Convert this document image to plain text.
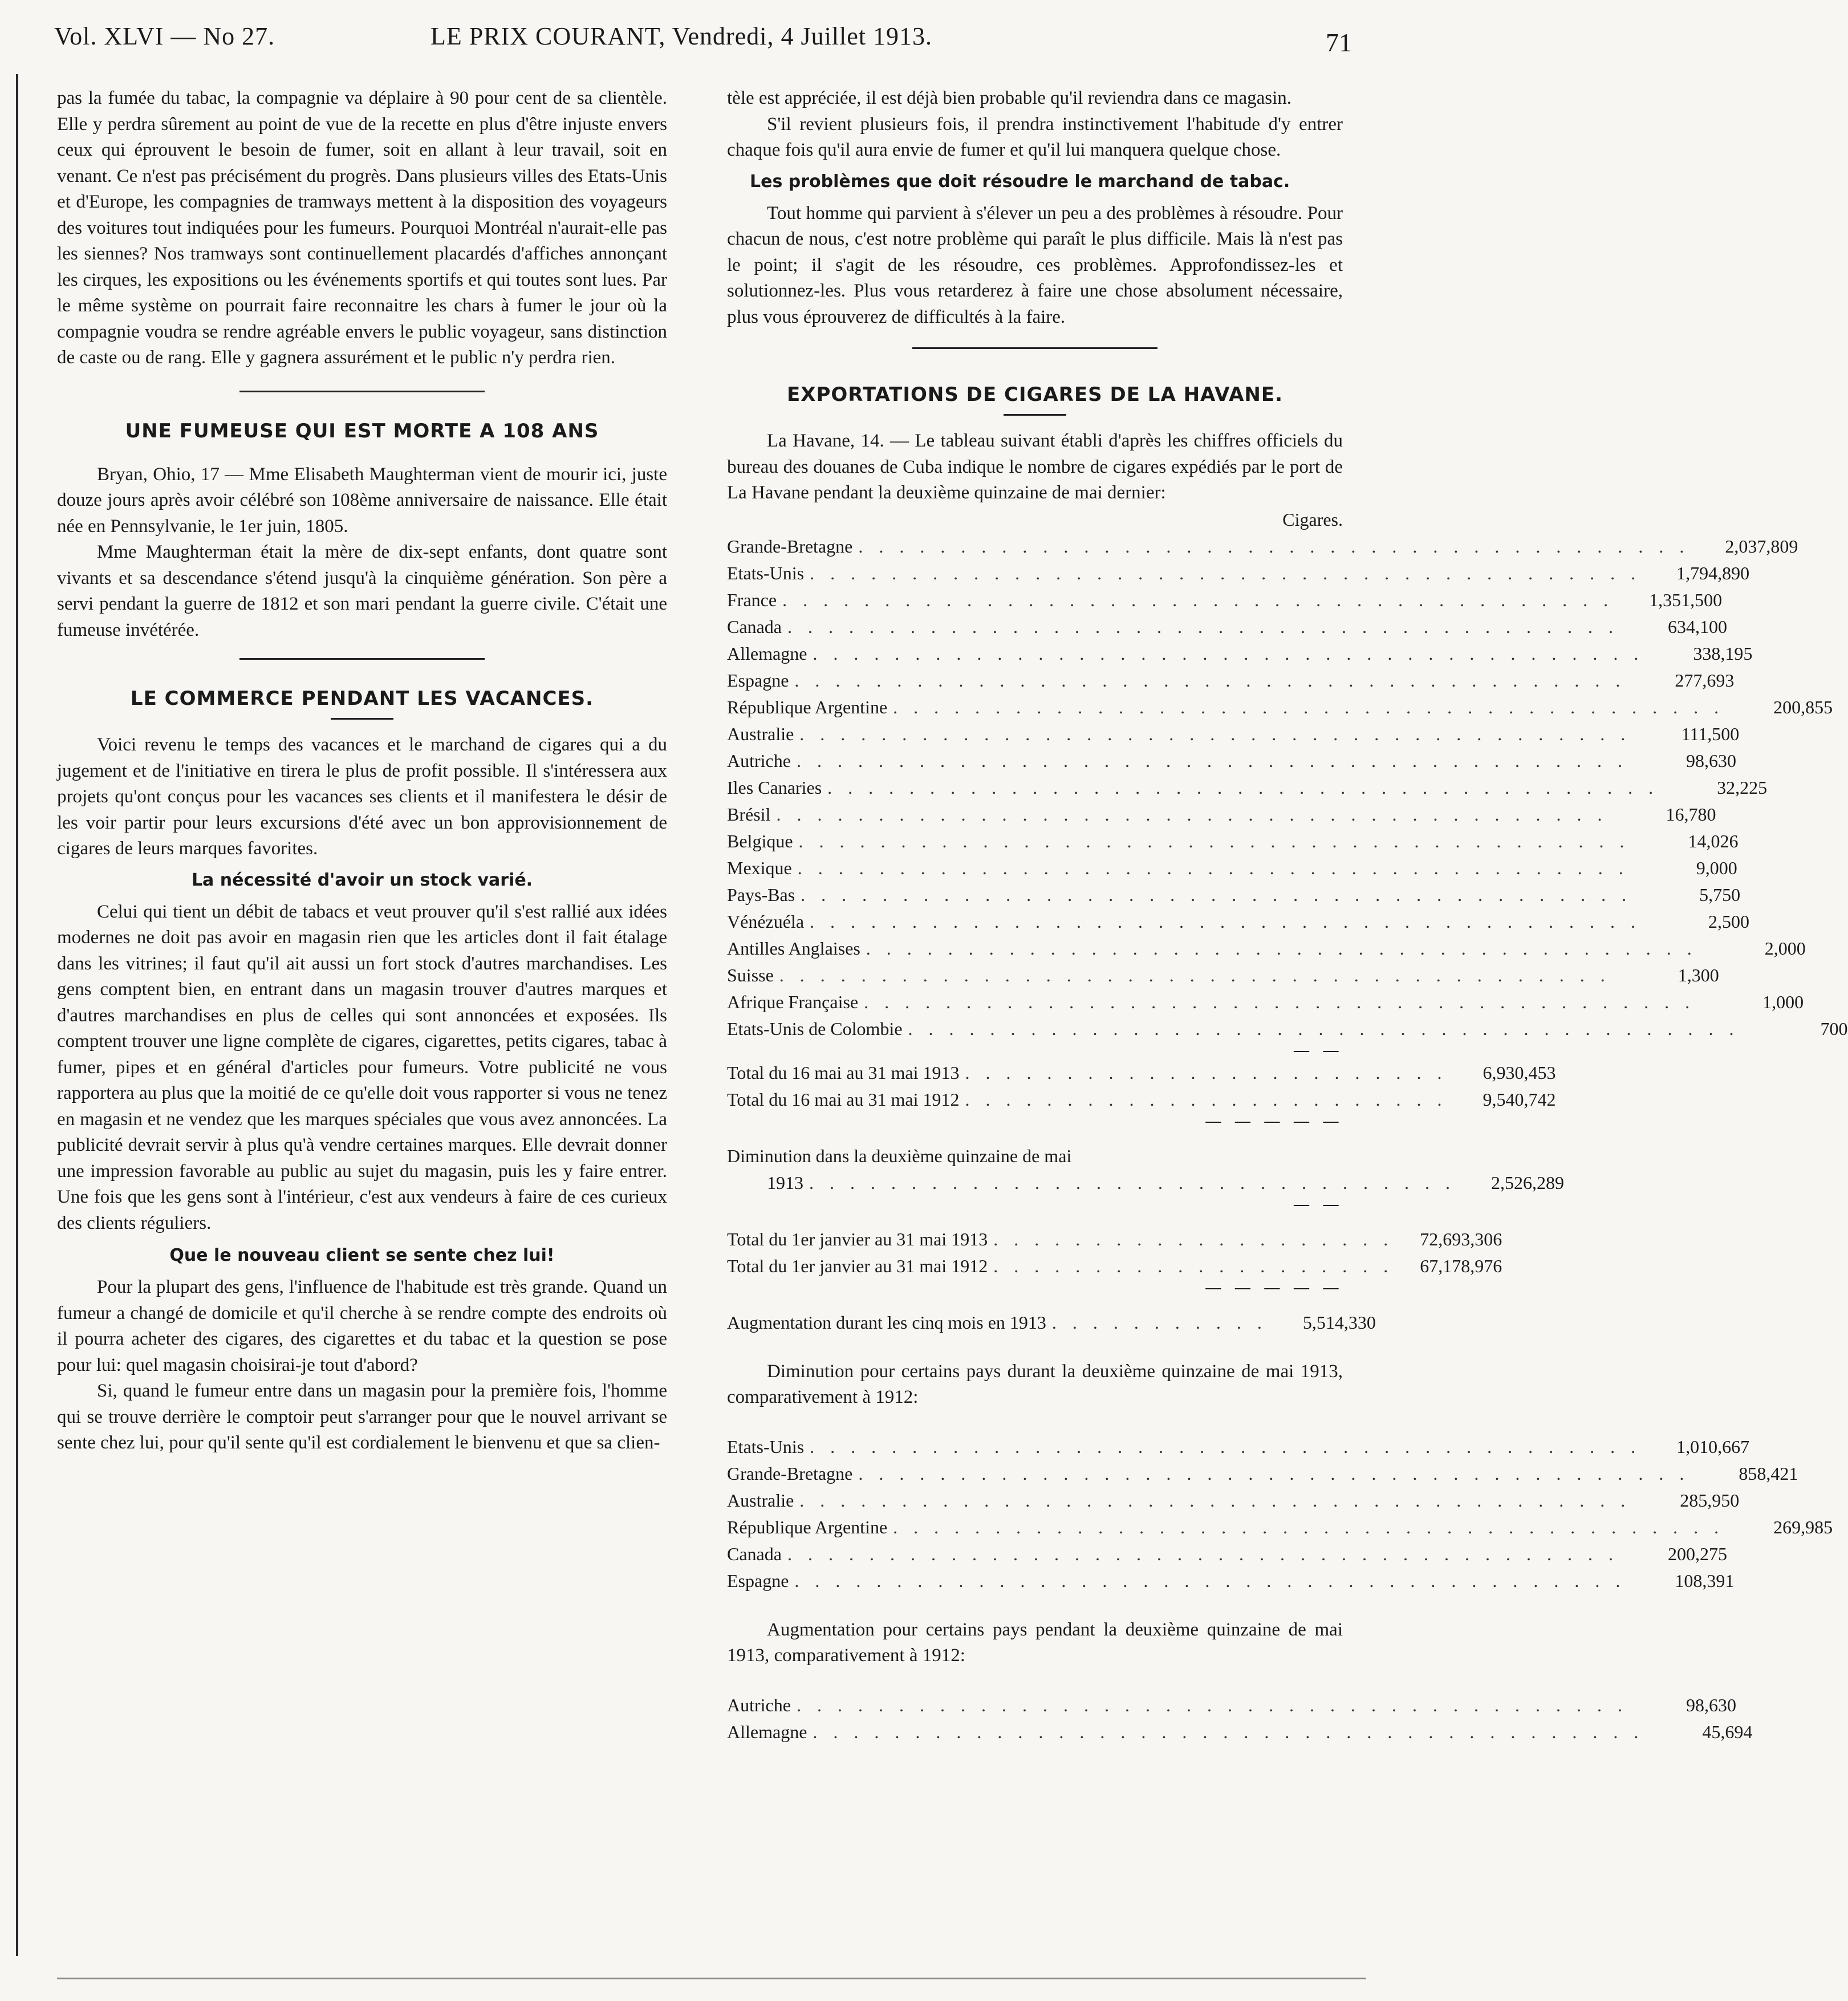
Vol. XLVI — No 27.	LE PRIX COURANT, Vendredi, 4 Juillet 1913.	71

pas la fumée du tabac, la compagnie va déplaire à 90 pour cent de sa clientèle. Elle y perdra sûrement au point de vue de la recette en plus d'être injuste envers ceux qui éprouvent le besoin de fumer, soit en allant à leur travail, soit en venant. Ce n'est pas précisément du progrès. Dans plusieurs villes des Etats-Unis et d'Europe, les compagnies de tramways mettent à la disposition des voyageurs des voitures tout indiquées pour les fumeurs. Pourquoi Montréal n'aurait-elle pas les siennes? Nos tramways sont continuellement placardés d'affiches annonçant les cirques, les expositions ou les événements sportifs et qui toutes sont lues. Par le même système on pourrait faire reconnaitre les chars à fumer le jour où la compagnie voudra se rendre agréable envers le public voyageur, sans distinction de caste ou de rang. Elle y gagnera assurément et le public n'y perdra rien.

UNE FUMEUSE QUI EST MORTE A 108 ANS

Bryan, Ohio, 17 — Mme Elisabeth Maughterman vient de mourir ici, juste douze jours après avoir célébré son 108ème anniversaire de naissance. Elle était née en Pennsylvanie, le 1er juin, 1805.

Mme Maughterman était la mère de dix-sept enfants, dont quatre sont vivants et sa descendance s'étend jusqu'à la cinquième génération. Son père a servi pendant la guerre de 1812 et son mari pendant la guerre civile. C'était une fumeuse invétérée.

LE COMMERCE PENDANT LES VACANCES.

Voici revenu le temps des vacances et le marchand de cigares qui a du jugement et de l'initiative en tirera le plus de profit possible. Il s'intéressera aux projets qu'ont conçus pour les vacances ses clients et il manifestera le désir de les voir partir pour leurs excursions d'été avec un bon approvisionnement de cigares de leurs marques favorites.

La nécessité d'avoir un stock varié.

Celui qui tient un débit de tabacs et veut prouver qu'il s'est rallié aux idées modernes ne doit pas avoir en magasin rien que les articles dont il fait étalage dans les vitrines; il faut qu'il ait aussi un fort stock d'autres marchandises. Les gens comptent bien, en entrant dans un magasin trouver d'autres marques et d'autres marchandises en plus de celles qui sont annoncées et exposées. Ils comptent trouver une ligne complète de cigares, cigarettes, petits cigares, tabac à fumer, pipes et en général d'articles pour fumeurs. Votre publicité ne vous rapportera au plus que la moitié de ce qu'elle doit vous rapporter si vous ne tenez en magasin et ne vendez que les marques spéciales que vous avez annoncées. La publicité devrait servir à plus qu'à vendre certaines marques. Elle devrait donner une impression favorable au public au sujet du magasin, puis les y faire entrer. Une fois que les gens sont à l'intérieur, c'est aux vendeurs à faire de ces curieux des clients réguliers.

Que le nouveau client se sente chez lui!

Pour la plupart des gens, l'influence de l'habitude est très grande. Quand un fumeur a changé de domicile et qu'il cherche à se rendre compte des endroits où il pourra acheter des cigares, des cigarettes et du tabac et la question se pose pour lui: quel magasin choisirai-je tout d'abord?

Si, quand le fumeur entre dans un magasin pour la première fois, l'homme qui se trouve derrière le comptoir peut s'arranger pour que le nouvel arrivant se sente chez lui, pour qu'il sente qu'il est cordialement le bienvenu et que sa clien-

tèle est appréciée, il est déjà bien probable qu'il reviendra dans ce magasin.

S'il revient plusieurs fois, il prendra instinctivement l'habitude d'y entrer chaque fois qu'il aura envie de fumer et qu'il lui manquera quelque chose.

Les problèmes que doit résoudre le marchand de tabac.

Tout homme qui parvient à s'élever un peu a des problèmes à résoudre. Pour chacun de nous, c'est notre problème qui paraît le plus difficile. Mais là n'est pas le point; il s'agit de les résoudre, ces problèmes. Approfondissez-les et solutionnez-les. Plus vous retarderez à faire une chose absolument nécessaire, plus vous éprouverez de difficultés à la faire.

EXPORTATIONS DE CIGARES DE LA HAVANE.

La Havane, 14. — Le tableau suivant établi d'après les chiffres officiels du bureau des douanes de Cuba indique le nombre de cigares expédiés par le port de La Havane pendant la deuxième quinzaine de mai dernier:

Cigares.
Grande-Bretagne . . . . . . . . . . . . . . . . . . . . . . . . . . . . . . . . . . . . . . . . .	2,037,809
Etats-Unis . . . . . . . . . . . . . . . . . . . . . . . . . . . . . . . . . . . . . . . . .	1,794,890
France . . . . . . . . . . . . . . . . . . . . . . . . . . . . . . . . . . . . . . . . .	1,351,500
Canada . . . . . . . . . . . . . . . . . . . . . . . . . . . . . . . . . . . . . . . . .	634,100
Allemagne . . . . . . . . . . . . . . . . . . . . . . . . . . . . . . . . . . . . . . . . .	338,195
Espagne . . . . . . . . . . . . . . . . . . . . . . . . . . . . . . . . . . . . . . . . .	277,693
République Argentine . . . . . . . . . . . . . . . . . . . . . . . . . . . . . . . . . . . . . . . . .	200,855
Australie . . . . . . . . . . . . . . . . . . . . . . . . . . . . . . . . . . . . . . . . .	111,500
Autriche . . . . . . . . . . . . . . . . . . . . . . . . . . . . . . . . . . . . . . . . .	98,630
Iles Canaries . . . . . . . . . . . . . . . . . . . . . . . . . . . . . . . . . . . . . . . . .	32,225
Brésil . . . . . . . . . . . . . . . . . . . . . . . . . . . . . . . . . . . . . . . . .	16,780
Belgique . . . . . . . . . . . . . . . . . . . . . . . . . . . . . . . . . . . . . . . . .	14,026
Mexique . . . . . . . . . . . . . . . . . . . . . . . . . . . . . . . . . . . . . . . . .	9,000
Pays-Bas . . . . . . . . . . . . . . . . . . . . . . . . . . . . . . . . . . . . . . . . .	5,750
Vénézuéla . . . . . . . . . . . . . . . . . . . . . . . . . . . . . . . . . . . . . . . . .	2,500
Antilles Anglaises . . . . . . . . . . . . . . . . . . . . . . . . . . . . . . . . . . . . . . . . .	2,000
Suisse . . . . . . . . . . . . . . . . . . . . . . . . . . . . . . . . . . . . . . . . .	1,300
Afrique Française . . . . . . . . . . . . . . . . . . . . . . . . . . . . . . . . . . . . . . . . .	1,000
Etats-Unis de Colombie . . . . . . . . . . . . . . . . . . . . . . . . . . . . . . . . . . . . . . . . .	700
— —
Total du 16 mai au 31 mai 1913 . . . . . . . . . . . . . . . . . . . . . . . .	6,930,453
Total du 16 mai au 31 mai 1912 . . . . . . . . . . . . . . . . . . . . . . . .	9,540,742
— — — — —
Diminution dans la deuxième quinzaine de mai
1913 . . . . . . . . . . . . . . . . . . . . . . . . . . . . . . . .	2,526,289
— —
Total du 1er janvier au 31 mai 1913 . . . . . . . . . . . . . . . . . . . .	72,693,306
Total du 1er janvier au 31 mai 1912 . . . . . . . . . . . . . . . . . . . .	67,178,976
— — — — —
Augmentation durant les cinq mois en 1913 . . . . . . . . . . .	5,514,330

Diminution pour certains pays durant la deuxième quinzaine de mai 1913, comparativement à 1912:

Etats-Unis . . . . . . . . . . . . . . . . . . . . . . . . . . . . . . . . . . . . . . . . .	1,010,667
Grande-Bretagne . . . . . . . . . . . . . . . . . . . . . . . . . . . . . . . . . . . . . . . . .	858,421
Australie . . . . . . . . . . . . . . . . . . . . . . . . . . . . . . . . . . . . . . . . .	285,950
République Argentine . . . . . . . . . . . . . . . . . . . . . . . . . . . . . . . . . . . . . . . . .	269,985
Canada . . . . . . . . . . . . . . . . . . . . . . . . . . . . . . . . . . . . . . . . .	200,275
Espagne . . . . . . . . . . . . . . . . . . . . . . . . . . . . . . . . . . . . . . . . .	108,391

Augmentation pour certains pays pendant la deuxième quinzaine de mai 1913, comparativement à 1912:

Autriche . . . . . . . . . . . . . . . . . . . . . . . . . . . . . . . . . . . . . . . . .	98,630
Allemagne . . . . . . . . . . . . . . . . . . . . . . . . . . . . . . . . . . . . . . . . .	45,694
